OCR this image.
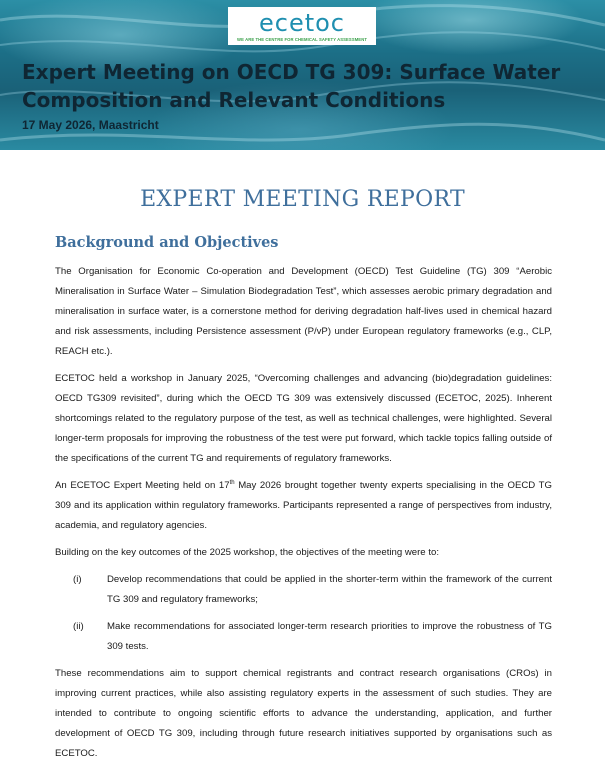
ecetoc
WE ARE THE CENTRE FOR CHEMICAL SAFETY ASSESSMENT
Expert Meeting on OECD TG 309: Surface Water Composition and Relevant Conditions
17 May 2026, Maastricht
EXPERT MEETING REPORT
Background and Objectives

The Organisation for Economic Co-operation and Development (OECD) Test Guideline (TG) 309 “Aerobic Mineralisation in Surface Water – Simulation Biodegradation Test”, which assesses aerobic primary degradation and mineralisation in surface water, is a cornerstone method for deriving degradation half-lives used in chemical hazard and risk assessments, including Persistence assessment (P/vP) under European regulatory frameworks (e.g., CLP, REACH etc.).

ECETOC held a workshop in January 2025, “Overcoming challenges and advancing (bio)degradation guidelines: OECD TG309 revisited”, during which the OECD TG 309 was extensively discussed (ECETOC, 2025). Inherent shortcomings related to the regulatory purpose of the test, as well as technical challenges, were highlighted. Several longer-term proposals for improving the robustness of the test were put forward, which tackle topics falling outside of the specifications of the current TG and requirements of regulatory frameworks.

An ECETOC Expert Meeting held on 17th May 2026 brought together twenty experts specialising in the OECD TG 309 and its application within regulatory frameworks. Participants represented a range of perspectives from industry, academia, and regulatory agencies.

Building on the key outcomes of the 2025 workshop, the objectives of the meeting were to:

(i)	Develop recommendations that could be applied in the shorter-term within the framework of the current TG 309 and regulatory frameworks;
(ii)	Make recommendations for associated longer-term research priorities to improve the robustness of TG 309 tests.

These recommendations aim to support chemical registrants and contract research organisations (CROs) in improving current practices, while also assisting regulatory experts in the assessment of such studies. They are intended to contribute to ongoing scientific efforts to advance the understanding, application, and further development of OECD TG 309, including through future research initiatives supported by organisations such as ECETOC.
